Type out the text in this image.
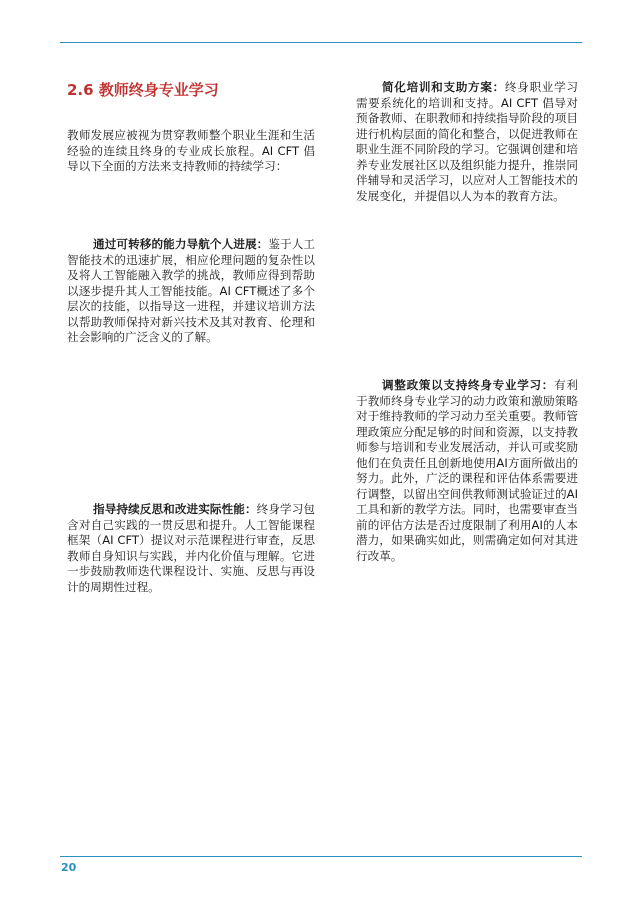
2.6 教师终身专业学习

教师发展应被视为贯穿教师整个职业生涯和生活经验的连续且终身的专业成长旅程。AI CFT 倡导以下全面的方法来支持教师的持续学习：

通过可转移的能力导航个人进展：鉴于人工智能技术的迅速扩展，相应伦理问题的复杂性以及将人工智能融入教学的挑战，教师应得到帮助以逐步提升其人工智能技能。AI CFT概述了多个层次的技能，以指导这一进程，并建议培训方法以帮助教师保持对新兴技术及其对教育、伦理和社会影响的广泛含义的了解。

指导持续反思和改进实际性能：终身学习包含对自己实践的一贯反思和提升。人工智能课程框架（AI CFT）提议对示范课程进行审查，反思教师自身知识与实践，并内化价值与理解。它进一步鼓励教师迭代课程设计、实施、反思与再设计的周期性过程。

简化培训和支助方案：终身职业学习需要系统化的培训和支持。AI CFT 倡导对预备教师、在职教师和持续指导阶段的项目进行机构层面的简化和整合，以促进教师在职业生涯不同阶段的学习。它强调创建和培养专业发展社区以及组织能力提升，推崇同伴辅导和灵活学习，以应对人工智能技术的发展变化，并提倡以人为本的教育方法。

调整政策以支持终身专业学习：有利于教师终身专业学习的动力政策和激励策略对于维持教师的学习动力至关重要。教师管理政策应分配足够的时间和资源，以支持教师参与培训和专业发展活动，并认可或奖励他们在负责任且创新地使用AI方面所做出的努力。此外，广泛的课程和评估体系需要进行调整，以留出空间供教师测试验证过的AI工具和新的教学方法。同时，也需要审查当前的评估方法是否过度限制了利用AI的人本潜力，如果确实如此，则需确定如何对其进行改革。

20
